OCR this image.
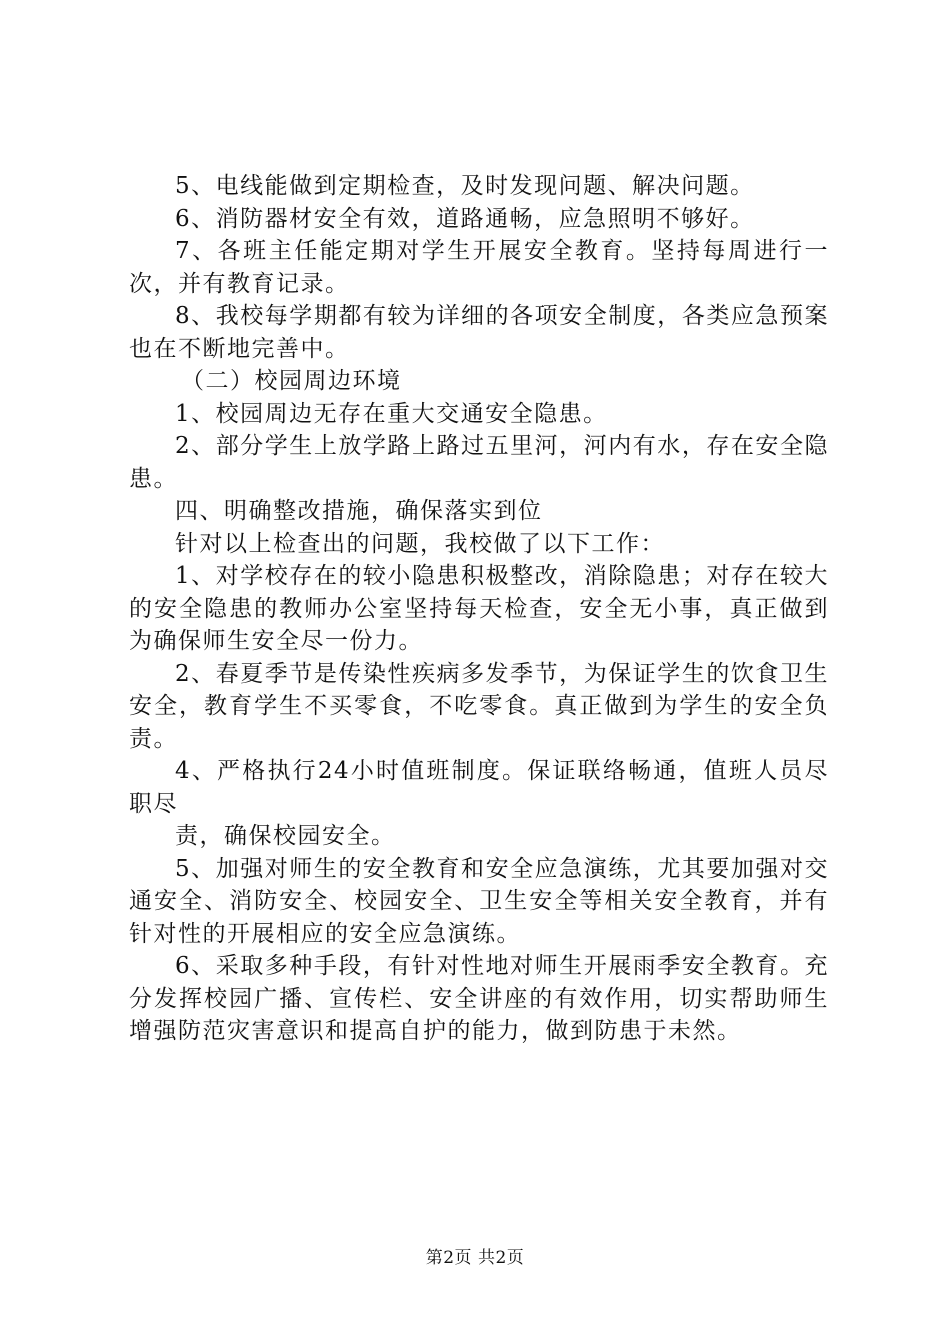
5、电线能做到定期检查，及时发现问题、解决问题。

6、消防器材安全有效，道路通畅，应急照明不够好。

7、各班主任能定期对学生开展安全教育。坚持每周进行一次，并有教育记录。

8、我校每学期都有较为详细的各项安全制度，各类应急预案也在不断地完善中。

（二）校园周边环境

1、校园周边无存在重大交通安全隐患。

2、部分学生上放学路上路过五里河，河内有水，存在安全隐患。

四、明确整改措施，确保落实到位

针对以上检查出的问题，我校做了以下工作：

1、对学校存在的较小隐患积极整改，消除隐患；对存在较大的安全隐患的教师办公室坚持每天检查，安全无小事，真正做到为确保师生安全尽一份力。

2、春夏季节是传染性疾病多发季节，为保证学生的饮食卫生安全，教育学生不买零食，不吃零食。真正做到为学生的安全负责。

4、严格执行24小时值班制度。保证联络畅通，值班人员尽职尽

责，确保校园安全。

5、加强对师生的安全教育和安全应急演练，尤其要加强对交通安全、消防安全、校园安全、卫生安全等相关安全教育，并有针对性的开展相应的安全应急演练。

6、采取多种手段，有针对性地对师生开展雨季安全教育。充分发挥校园广播、宣传栏、安全讲座的有效作用，切实帮助师生增强防范灾害意识和提高自护的能力，做到防患于未然。

第2页 共2页
